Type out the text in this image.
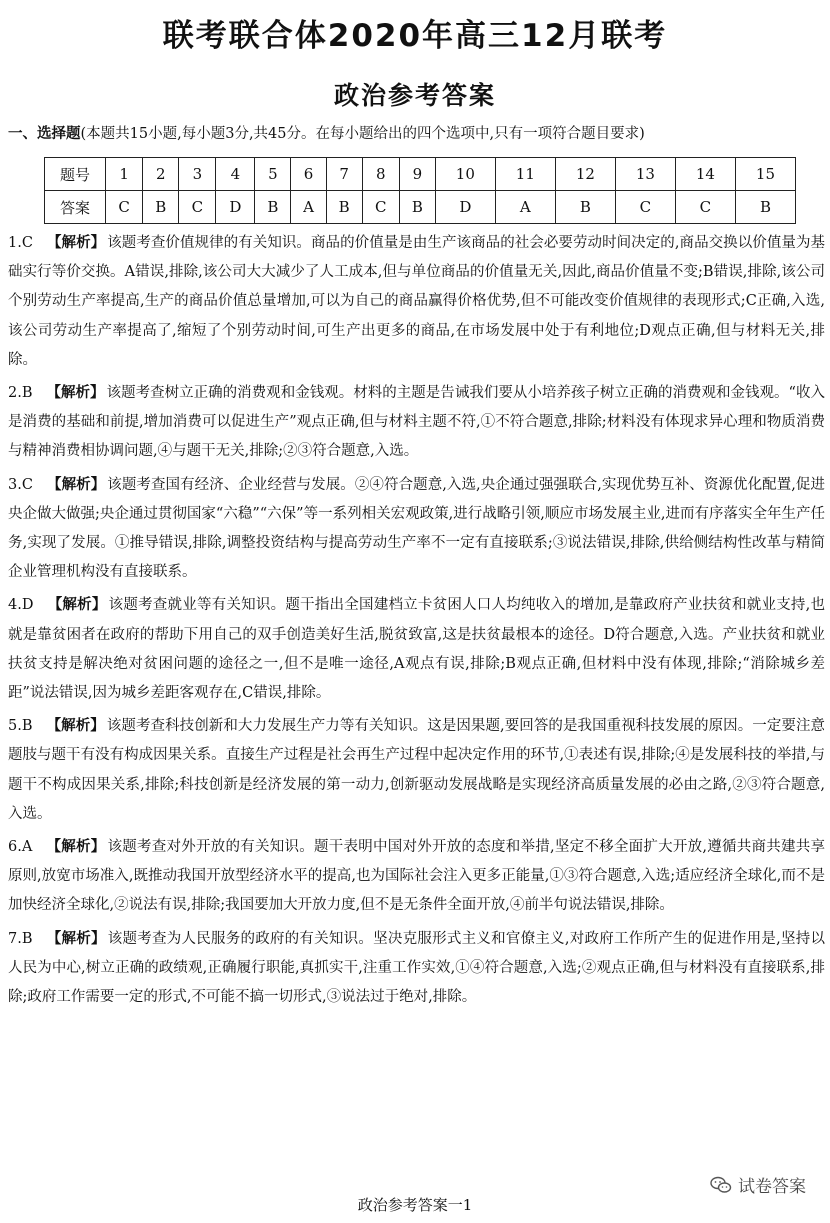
联考联合体2020年高三12月联考
政治参考答案
一、选择题(本题共15小题,每小题3分,共45分。在每小题给出的四个选项中,只有一项符合题目要求)
题号	1	2	3	4	5	6	7	8	9	10	11	12	13	14	15
答案	C	B	C	D	B	A	B	C	B	D	A	B	C	C	B
1.C 【解析】 该题考查价值规律的有关知识。商品的价值量是由生产该商品的社会必要劳动时间决定的,商品交换以价值量为基础实行等价交换。A错误,排除,该公司大大减少了人工成本,但与单位商品的价值量无关,因此,商品价值量不变;B错误,排除,该公司个别劳动生产率提高,生产的商品价值总量增加,可以为自己的商品赢得价格优势,但不可能改变价值规律的表现形式;C正确,入选,该公司劳动生产率提高了,缩短了个别劳动时间,可生产出更多的商品,在市场发展中处于有利地位;D观点正确,但与材料无关,排除。
2.B 【解析】 该题考查树立正确的消费观和金钱观。材料的主题是告诫我们要从小培养孩子树立正确的消费观和金钱观。“收入是消费的基础和前提,增加消费可以促进生产”观点正确,但与材料主题不符,①不符合题意,排除;材料没有体现求异心理和物质消费与精神消费相协调问题,④与题干无关,排除;②③符合题意,入选。
3.C 【解析】 该题考查国有经济、企业经营与发展。②④符合题意,入选,央企通过强强联合,实现优势互补、资源优化配置,促进央企做大做强;央企通过贯彻国家“六稳”“六保”等一系列相关宏观政策,进行战略引领,顺应市场发展主业,进而有序落实全年生产任务,实现了发展。①推导错误,排除,调整投资结构与提高劳动生产率不一定有直接联系;③说法错误,排除,供给侧结构性改革与精简企业管理机构没有直接联系。
4.D 【解析】 该题考查就业等有关知识。题干指出全国建档立卡贫困人口人均纯收入的增加,是靠政府产业扶贫和就业支持,也就是靠贫困者在政府的帮助下用自己的双手创造美好生活,脱贫致富,这是扶贫最根本的途径。D符合题意,入选。产业扶贫和就业扶贫支持是解决绝对贫困问题的途径之一,但不是唯一途径,A观点有误,排除;B观点正确,但材料中没有体现,排除;“消除城乡差距”说法错误,因为城乡差距客观存在,C错误,排除。
5.B 【解析】 该题考查科技创新和大力发展生产力等有关知识。这是因果题,要回答的是我国重视科技发展的原因。一定要注意题肢与题干有没有构成因果关系。直接生产过程是社会再生产过程中起决定作用的环节,①表述有误,排除;④是发展科技的举措,与题干不构成因果关系,排除;科技创新是经济发展的第一动力,创新驱动发展战略是实现经济高质量发展的必由之路,②③符合题意,入选。
6.A 【解析】 该题考查对外开放的有关知识。题干表明中国对外开放的态度和举措,坚定不移全面扩大开放,遵循共商共建共享原则,放宽市场准入,既推动我国开放型经济水平的提高,也为国际社会注入更多正能量,①③符合题意,入选;适应经济全球化,而不是加快经济全球化,②说法有误,排除;我国要加大开放力度,但不是无条件全面开放,④前半句说法错误,排除。
7.B 【解析】 该题考查为人民服务的政府的有关知识。坚决克服形式主义和官僚主义,对政府工作所产生的促进作用是,坚持以人民为中心,树立正确的政绩观,正确履行职能,真抓实干,注重工作实效,①④符合题意,入选;②观点正确,但与材料没有直接联系,排除;政府工作需要一定的形式,不可能不搞一切形式,③说法过于绝对,排除。
试卷答案
政治参考答案一1
